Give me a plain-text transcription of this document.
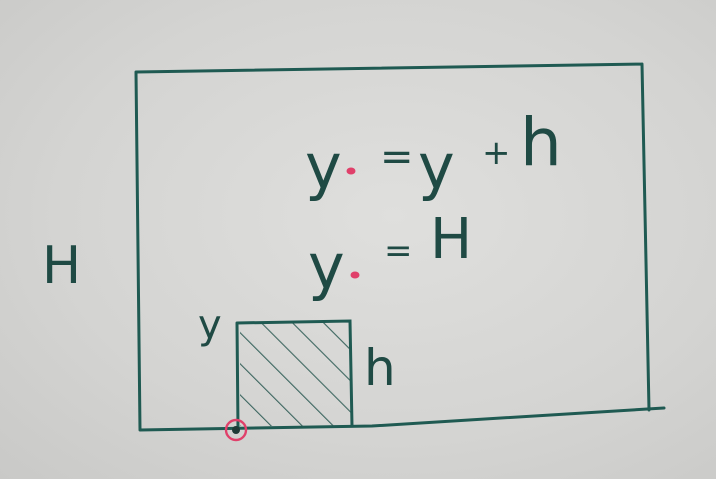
H
y
h
y = y + h
y = H
